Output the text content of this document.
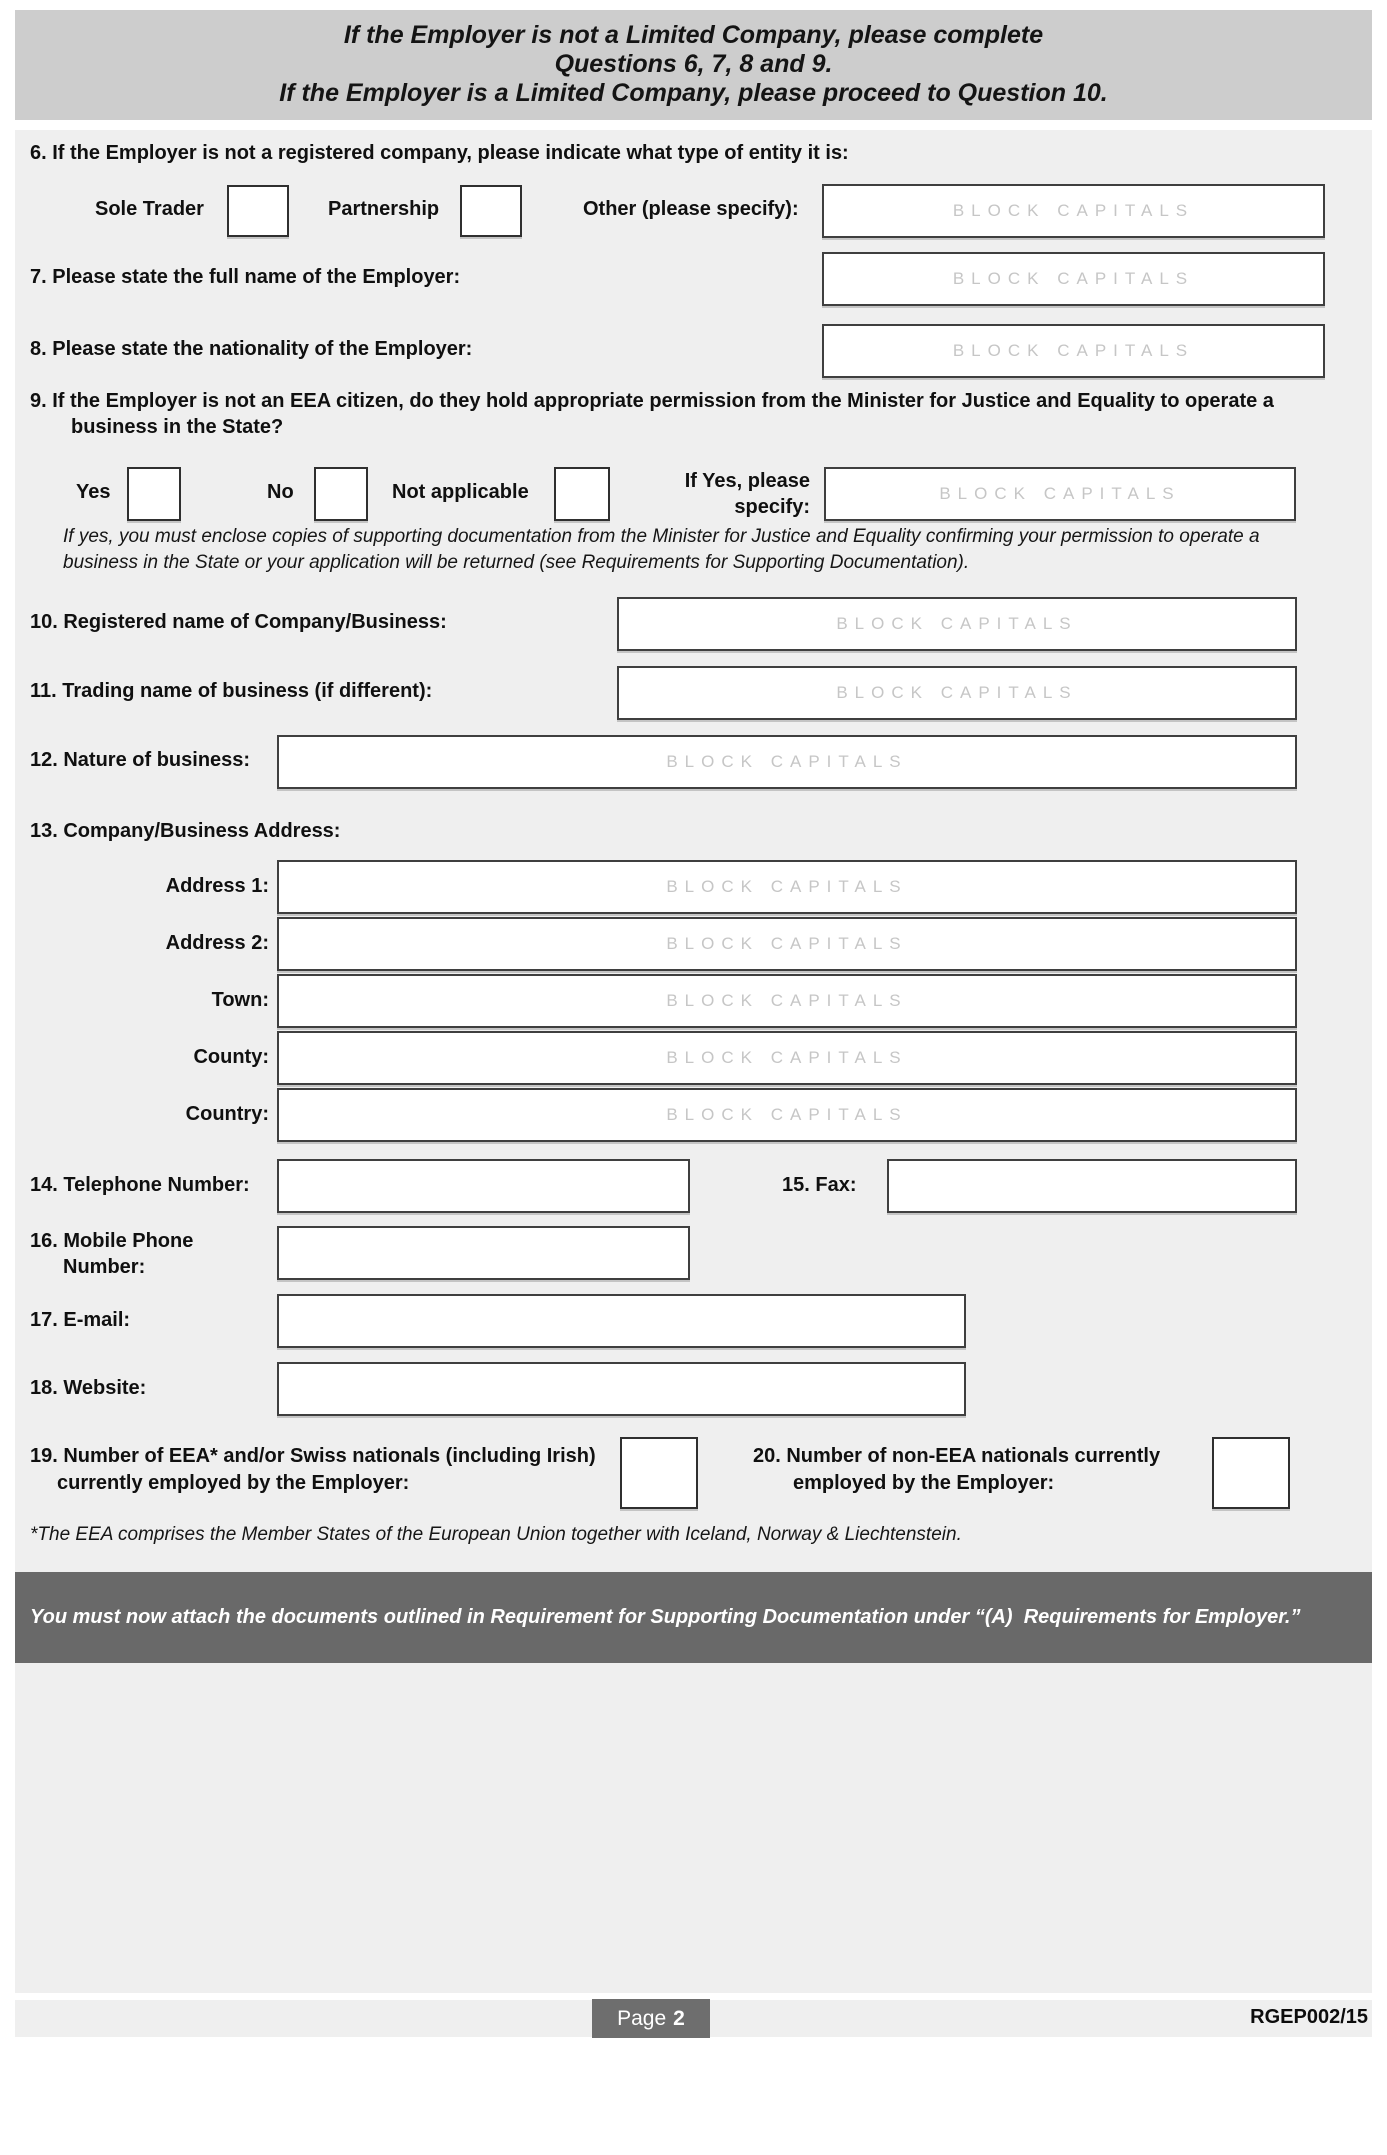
If the Employer is not a Limited Company, please complete
Questions 6, 7, 8 and 9.
If the Employer is a Limited Company, please proceed to Question 10.
6. If the Employer is not a registered company, please indicate what type of entity it is:
Sole Trader	Partnership	Other (please specify):
BLOCK CAPITALS
7. Please state the full name of the Employer:
BLOCK CAPITALS
8. Please state the nationality of the Employer:
BLOCK CAPITALS
9. If the Employer is not an EEA citizen, do they hold appropriate permission from the Minister for Justice and Equality to operate a business in the State?
Yes	No	Not applicable	If Yes, please specify:
BLOCK CAPITALS
If yes, you must enclose copies of supporting documentation from the Minister for Justice and Equality confirming your permission to operate a business in the State or your application will be returned (see Requirements for Supporting Documentation).
10. Registered name of Company/Business:
BLOCK CAPITALS
11. Trading name of business (if different):
BLOCK CAPITALS
12. Nature of business:
BLOCK CAPITALS
13. Company/Business Address:
Address 1:
BLOCK CAPITALS
Address 2:
BLOCK CAPITALS
Town:
BLOCK CAPITALS
County:
BLOCK CAPITALS
Country:
BLOCK CAPITALS
14. Telephone Number:	15. Fax:
16. Mobile Phone Number:
17. E-mail:
18. Website:
19. Number of EEA* and/or Swiss nationals (including Irish) currently employed by the Employer:
20. Number of non-EEA nationals currently employed by the Employer:
*The EEA comprises the Member States of the European Union together with Iceland, Norway & Liechtenstein.
You must now attach the documents outlined in Requirement for Supporting Documentation under “(A)  Requirements for Employer.”
Page 2	RGEP002/15
